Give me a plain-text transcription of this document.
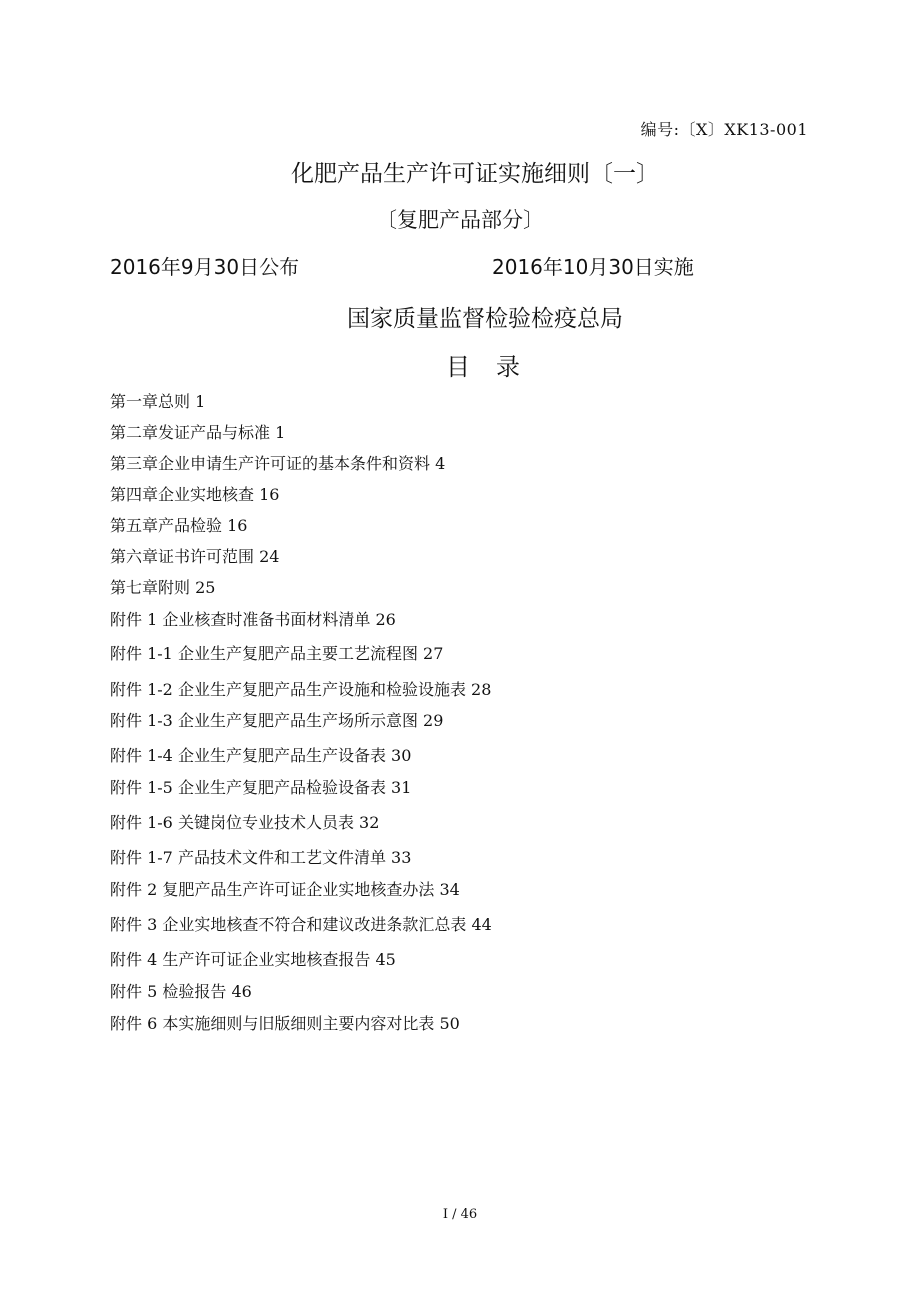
编号:〔X〕XK13-001
化肥产品生产许可证实施细则〔一〕
〔复肥产品部分〕
2016年9月30日公布	2016年10月30日实施
国家质量监督检验检疫总局
目录
第一章总则 1
第二章发证产品与标准 1
第三章企业申请生产许可证的基本条件和资料 4
第四章企业实地核查 16
第五章产品检验 16
第六章证书许可范围 24
第七章附则 25
附件 1 企业核查时准备书面材料清单 26
附件 1-1 企业生产复肥产品主要工艺流程图 27
附件 1-2 企业生产复肥产品生产设施和检验设施表 28
附件 1-3 企业生产复肥产品生产场所示意图 29
附件 1-4 企业生产复肥产品生产设备表 30
附件 1-5 企业生产复肥产品检验设备表 31
附件 1-6 关键岗位专业技术人员表 32
附件 1-7 产品技术文件和工艺文件清单 33
附件 2 复肥产品生产许可证企业实地核查办法 34
附件 3 企业实地核查不符合和建议改进条款汇总表 44
附件 4 生产许可证企业实地核查报告 45
附件 5 检验报告 46
附件 6 本实施细则与旧版细则主要内容对比表 50
I / 46
